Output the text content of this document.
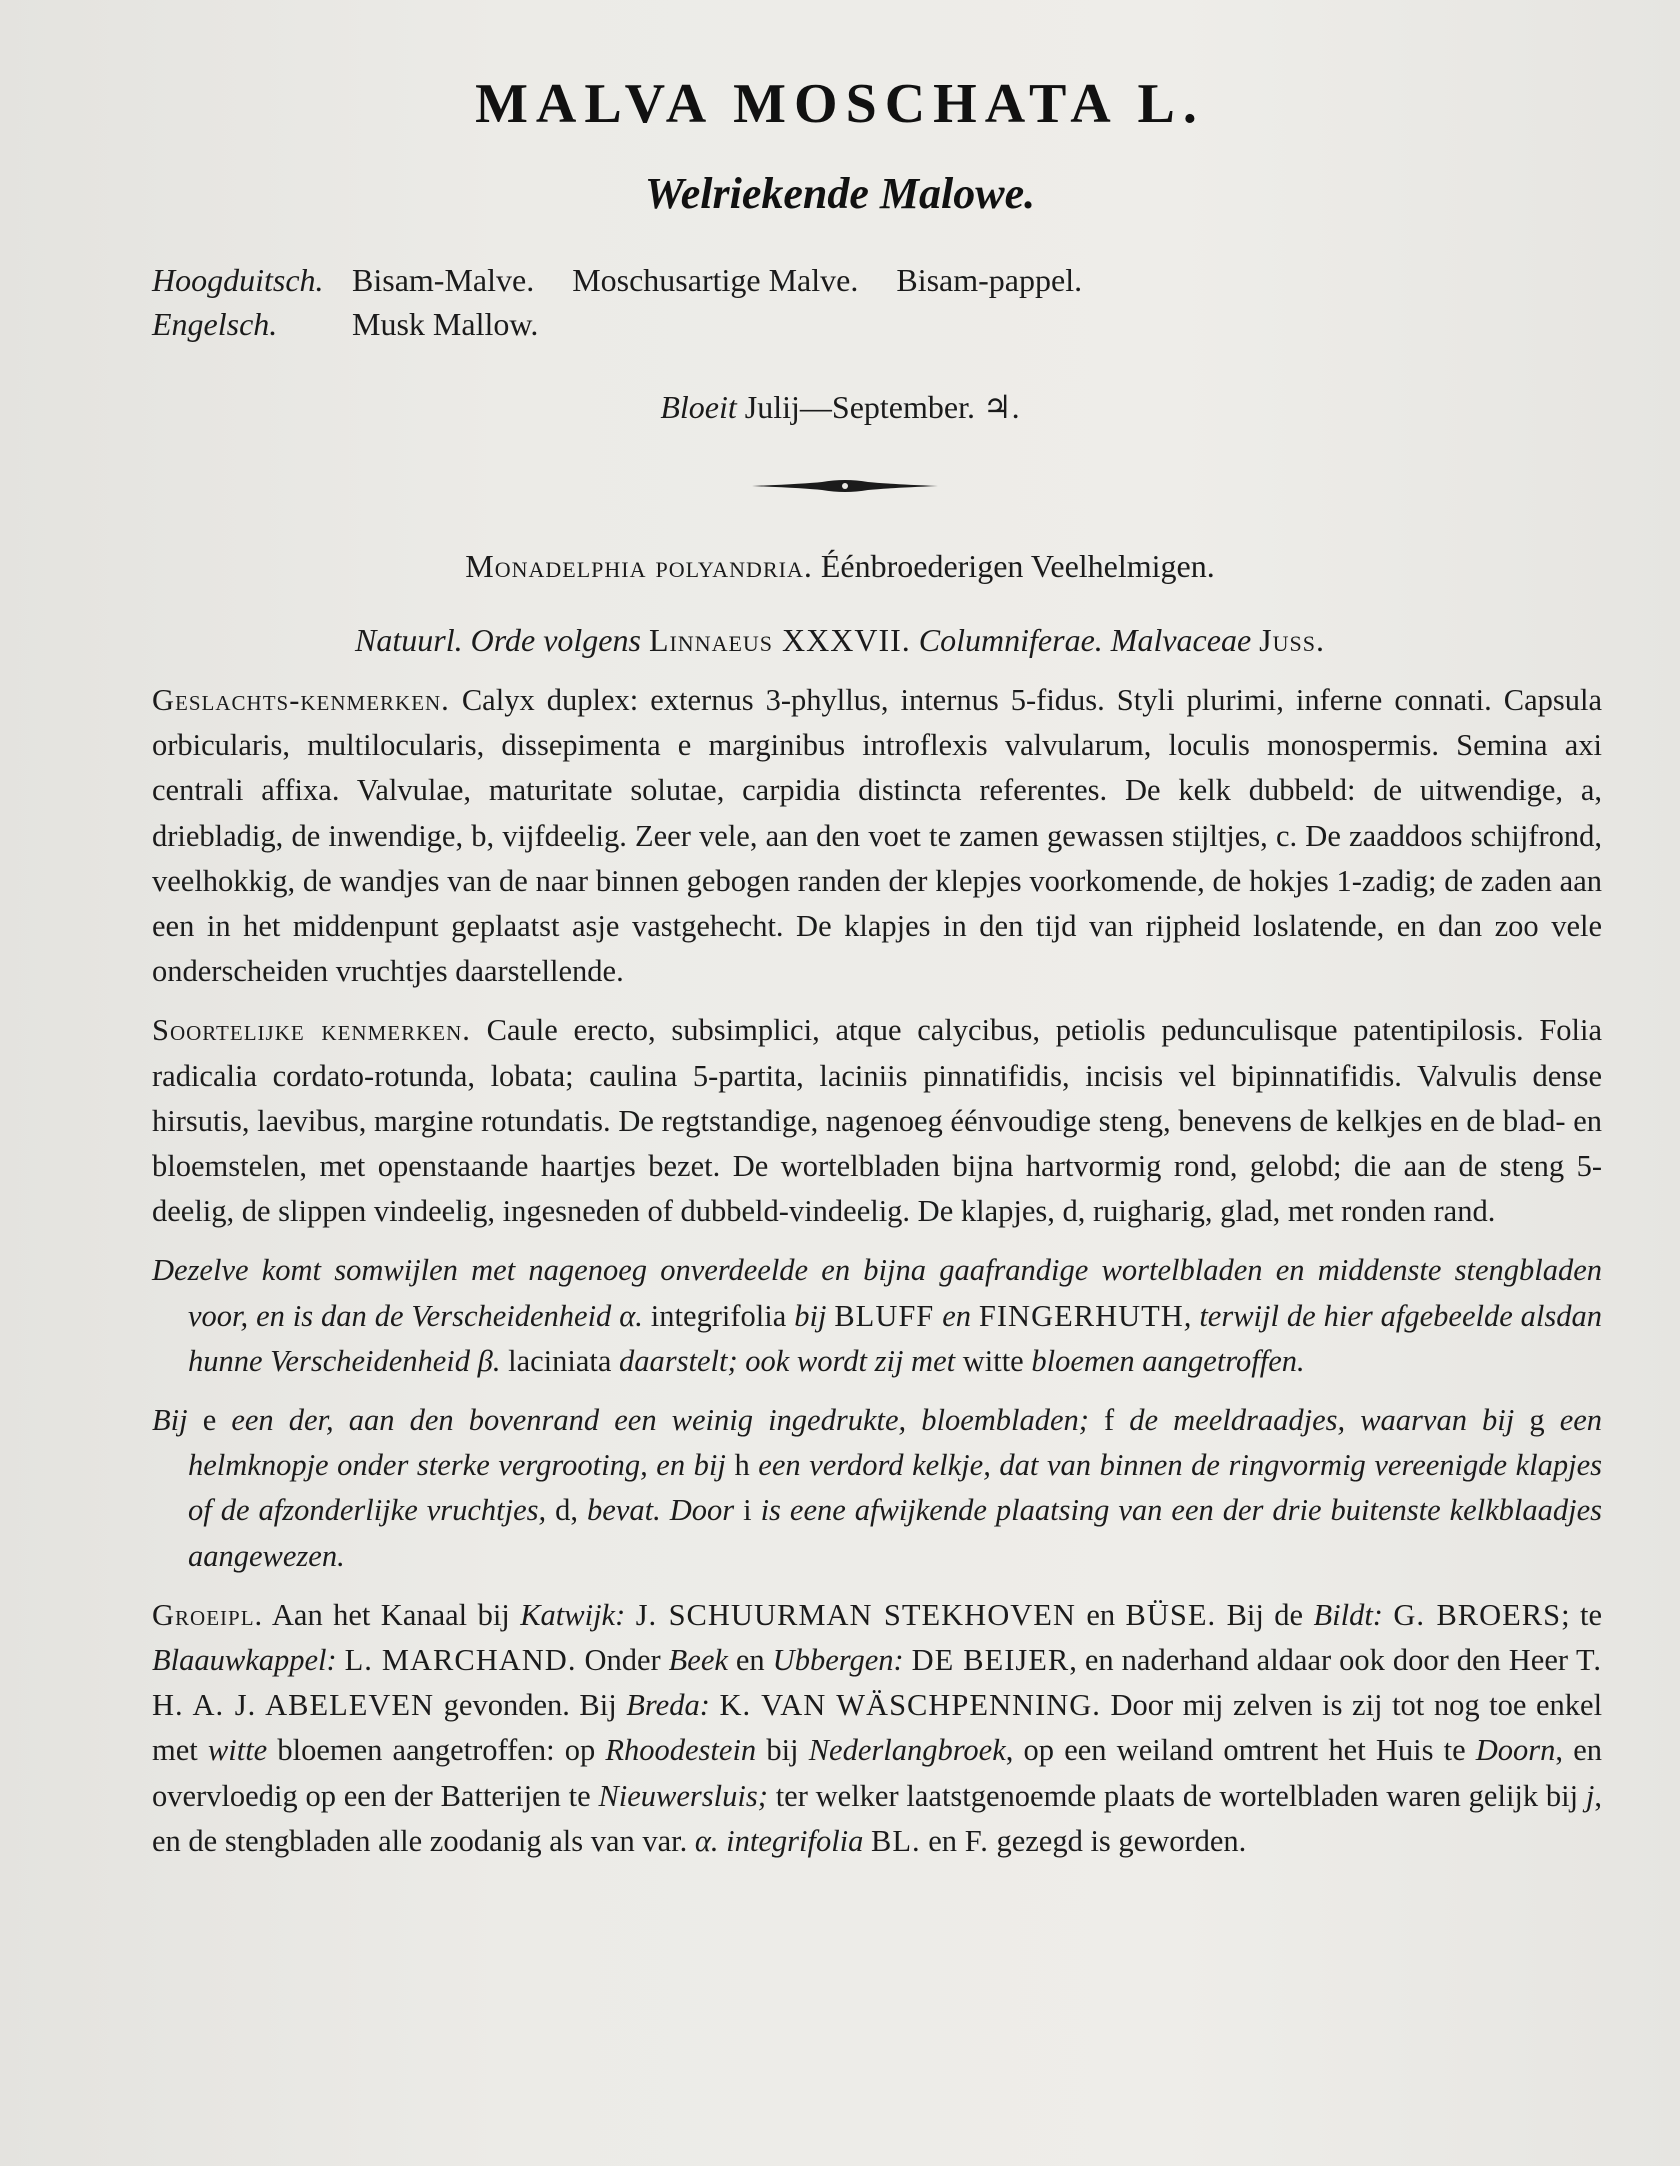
MALVA MOSCHATA L.
Welriekende Malowe.
Hoogduitsch. Bisam-Malve. Moschusartige Malve. Bisam-pappel.
Engelsch. Musk Mallow.
Bloeit Julij—September. ♃.
Monadelphia polyandria. Éénbroederigen Veelhelmigen.
Natuurl. Orde volgens Linnaeus XXXVII. Columniferae. Malvaceae Juss.

Geslachts-kenmerken. Calyx duplex: externus 3-phyllus, internus 5-fidus. Styli plurimi, inferne connati. Capsula orbicularis, multilocularis, dissepimenta e marginibus introflexis valvularum, loculis monospermis. Semina axi centrali affixa. Valvulae, maturitate solutae, carpidia distincta referentes. De kelk dubbeld: de uitwendige, a, driebladig, de inwendige, b, vijfdeelig. Zeer vele, aan den voet te zamen gewassen stijltjes, c. De zaaddoos schijfrond, veelhokkig, de wandjes van de naar binnen gebogen randen der klepjes voorkomende, de hokjes 1-zadig; de zaden aan een in het middenpunt geplaatst asje vastgehecht. De klapjes in den tijd van rijpheid loslatende, en dan zoo vele onderscheiden vruchtjes daarstellende.

Soortelijke kenmerken. Caule erecto, subsimplici, atque calycibus, petiolis pedunculisque patentipilosis. Folia radicalia cordato-rotunda, lobata; caulina 5-partita, laciniis pinnatifidis, incisis vel bipinnatifidis. Valvulis dense hirsutis, laevibus, margine rotundatis. De regtstandige, nagenoeg éénvoudige steng, benevens de kelkjes en de blad- en bloemstelen, met openstaande haartjes bezet. De wortelbladen bijna hartvormig rond, gelobd; die aan de steng 5-deelig, de slippen vindeelig, ingesneden of dubbeld-vindeelig. De klapjes, d, ruigharig, glad, met ronden rand.

Dezelve komt somwijlen met nagenoeg onverdeelde en bijna gaafrandige wortelbladen en middenste stengbladen voor, en is dan de Verscheidenheid α. integrifolia bij BLUFF en FINGERHUTH, terwijl de hier afgebeelde alsdan hunne Verscheidenheid β. laciniata daarstelt; ook wordt zij met witte bloemen aangetroffen.

Bij e een der, aan den bovenrand een weinig ingedrukte, bloembladen; f de meeldraadjes, waarvan bij g een helmknopje onder sterke vergrooting, en bij h een verdord kelkje, dat van binnen de ringvormig vereenigde klapjes of de afzonderlijke vruchtjes, d, bevat. Door i is eene afwijkende plaatsing van een der drie buitenste kelkblaadjes aangewezen.

Groeipl. Aan het Kanaal bij Katwijk: J. SCHUURMAN STEKHOVEN en BÜSE. Bij de Bildt: G. BROERS; te Blaauwkappel: L. MARCHAND. Onder Beek en Ubbergen: DE BEIJER, en naderhand aldaar ook door den Heer T. H. A. J. ABELEVEN gevonden. Bij Breda: K. VAN WÄSCHPENNING. Door mij zelven is zij tot nog toe enkel met witte bloemen aangetroffen: op Rhoodestein bij Nederlangbroek, op een weiland omtrent het Huis te Doorn, en overvloedig op een der Batterijen te Nieuwersluis; ter welker laatstgenoemde plaats de wortelbladen waren gelijk bij j, en de stengbladen alle zoodanig als van var. α. integrifolia BL. en F. gezegd is geworden.
